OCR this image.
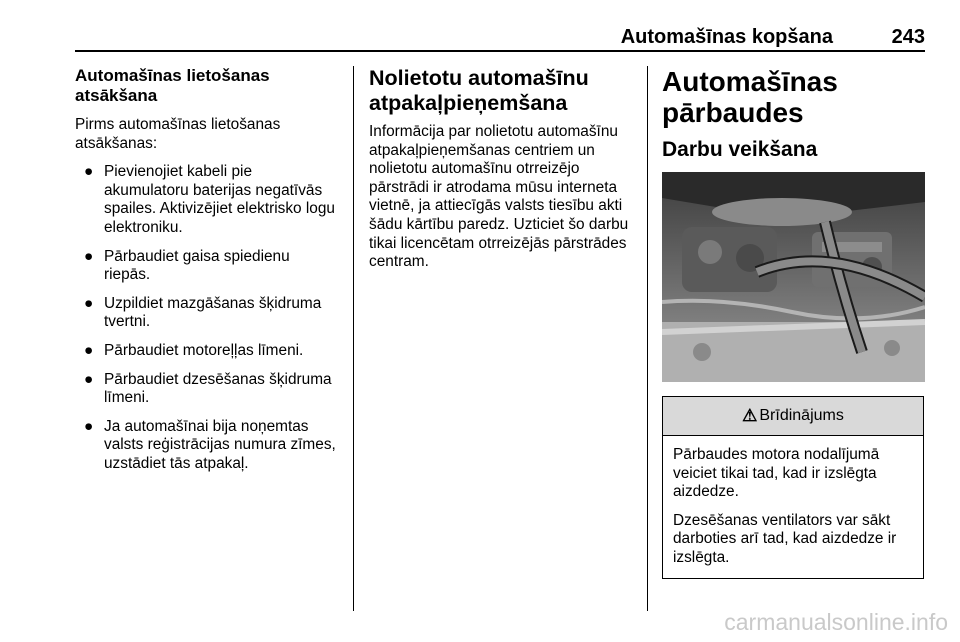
Automašīnas kopšana	243
Automašīnas lietošanas atsākšana

Pirms automašīnas lietošanas atsākšanas:

● Pievienojiet kabeli pie akumulatoru baterijas negatīvās spailes. Aktivizējiet elektrisko logu elektroniku.
● Pārbaudiet gaisa spiedienu riepās.
● Uzpildiet mazgāšanas šķidruma tvertni.
● Pārbaudiet motoreļļas līmeni.
● Pārbaudiet dzesēšanas šķidruma līmeni.
● Ja automašīnai bija noņemtas valsts reģistrācijas numura zīmes, uzstādiet tās atpakaļ.
Nolietotu automašīnu atpakaļpieņemšana

Informācija par nolietotu automašīnu atpakaļpieņemšanas centriem un nolietotu automašīnu otrreizējo pārstrādi ir atrodama mūsu interneta vietnē, ja attiecīgās valsts tiesību akti šādu kārtību paredz. Uzticiet šo darbu tikai licencētam otrreizējās pārstrādes centram.

Automašīnas pārbaudes
Darbu veikšana
⚠ Brīdinājums

Pārbaudes motora nodalījumā veiciet tikai tad, kad ir izslēgta aizdedze.

Dzesēšanas ventilators var sākt darboties arī tad, kad aizdedze ir izslēgta.

carmanualsonline.info
